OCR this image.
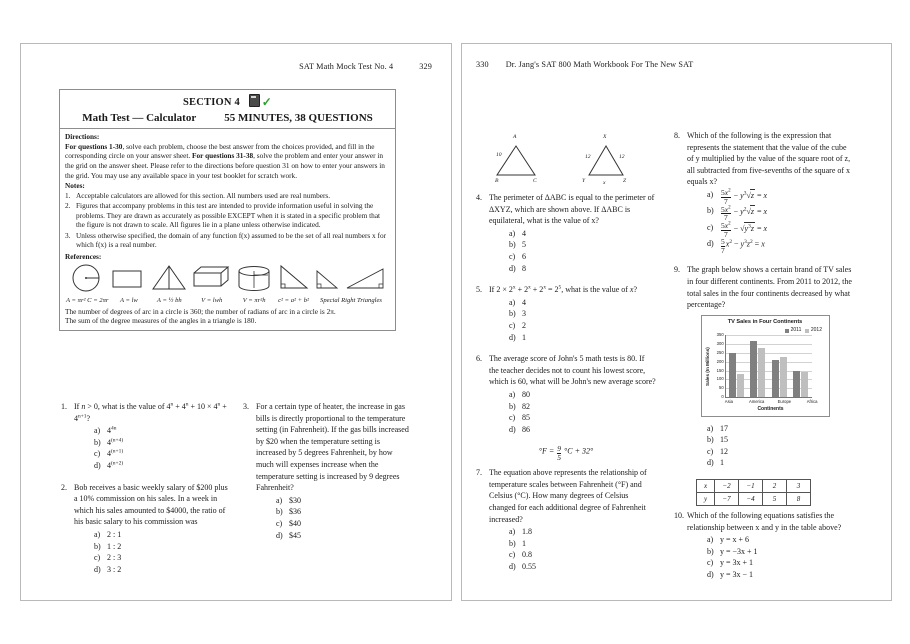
SAT Math Mock Test No. 4	329
SECTION 4 ✓
Math Test — Calculator	55 MINUTES, 38 QUESTIONS
Directions:
For questions 1-30, solve each problem, choose the best answer from the choices provided, and fill in the corresponding circle on your answer sheet. For questions 31-38, solve the problem and enter your answer in the grid on the answer sheet. Please refer to the directions before question 31 on how to enter your answers in the grid. You may use any available space in your test booklet for scratch work.
Notes:
1. Acceptable calculators are allowed for this section. All numbers used are real numbers.
2. Figures that accompany problems in this test are intended to provide information useful in solving the problems. They are drawn as accurately as possible EXCEPT when it is stated in a specific problem that the figure is not drawn to scale. All figures lie in a plane unless otherwise indicated.
3. Unless otherwise specified, the domain of any function f(x) assumed to be the set of all real numbers x for which f(x) is a real number.
References:
A = πr² C = 2πr	A = lw	A = ½ bh	V = lwh	V = πr²h	c² = a² + b²	Special Right Triangles
The number of degrees of arc in a circle is 360; the number of radians of arc in a circle is 2π.
The sum of the degree measures of the angles in a triangle is 180.
1. If n > 0, what is the value of $4^n + 4^n + 10 \times 4^n + 4^{n+1}$?
a) $4^{4n}$
b) $4^{(n+4)}$
c) $4^{(n+1)}$
d) $4^{(n+2)}$
2. Bob receives a basic weekly salary of $200 plus a 10% commission on his sales. In a week in which his sales amounted to $4000, the ratio of his basic salary to his commission was
a) 2 : 1
b) 1 : 2
c) 2 : 3
d) 3 : 2
3. For a certain type of heater, the increase in gas bills is directly proportional to the temperature setting (in Fahrenheit). If the gas bills increased by $20 when the temperature setting is increased by 5 degrees Fahrenheit, by how much will expenses increase when the temperature setting is increased by 9 degrees Fahrenheit?
a) $30
b) $36
c) $40
d) $45
330 Dr. Jang's SAT 800 Math Workbook For The New SAT
A
B	C
10
X
Y	Z
12	12
x
4. The perimeter of ΔABC is equal to the perimeter of ΔXYZ, which are shown above. If ΔABC is equilateral, what is the value of x?
a) 4
b) 5
c) 6
d) 8
5. If $2 \times 2^x + 2^x + 2^x = 2^5$, what is the value of x?
a) 4
b) 3
c) 2
d) 1
6. The average score of John's 5 math tests is 80. If the teacher decides not to count his lowest score, which is 60, what will be John's new average score?
a) 80
b) 82
c) 85
d) 86
$^\circ F = \frac{9}{5} ^\circ C + 32^\circ$
7. The equation above represents the relationship of temperature scales between Fahrenheit (°F) and Celsius (°C). How many degrees of Celsius changed for each additional degree of Fahrenheit increased?
a) 1.8
b) 1
c) 0.8
d) 0.55
8. Which of the following is the expression that represents the statement that the value of the cube of y multiplied by the value of the square root of z, all subtracted from five-sevenths of the square of x equals x?
a)	$\frac{5x^2}{7} - y^3√z = x$
$b) \frac{5x^2}{7} - y^2√z = x$
c)	$\frac{5x^2}{7} - √y^3z = x$
$d) \frac{5}{7} x^2 - y^3z^2 = x$
9. The graph below shows a certain brand of TV sales in four different continents. From 2011 to 2012, the total sales in the four continents decreased by what percentage?
TV Sales in Four Continents
2011 2012
Sales (In Millions)
350
300
250
200
150
100
50
0
Asia	America	Europe	Africa
Continents
a) 17
b) 15
c) 12
d) 1
x	−2	−1	2	3
y	−7	−4	5	8
10. Which of the following equations satisfies the relationship between x and y in the table above?
a) y = x + 6
b) y = −3x + 1
c) y = 3x + 1
d) y = 3x − 1
